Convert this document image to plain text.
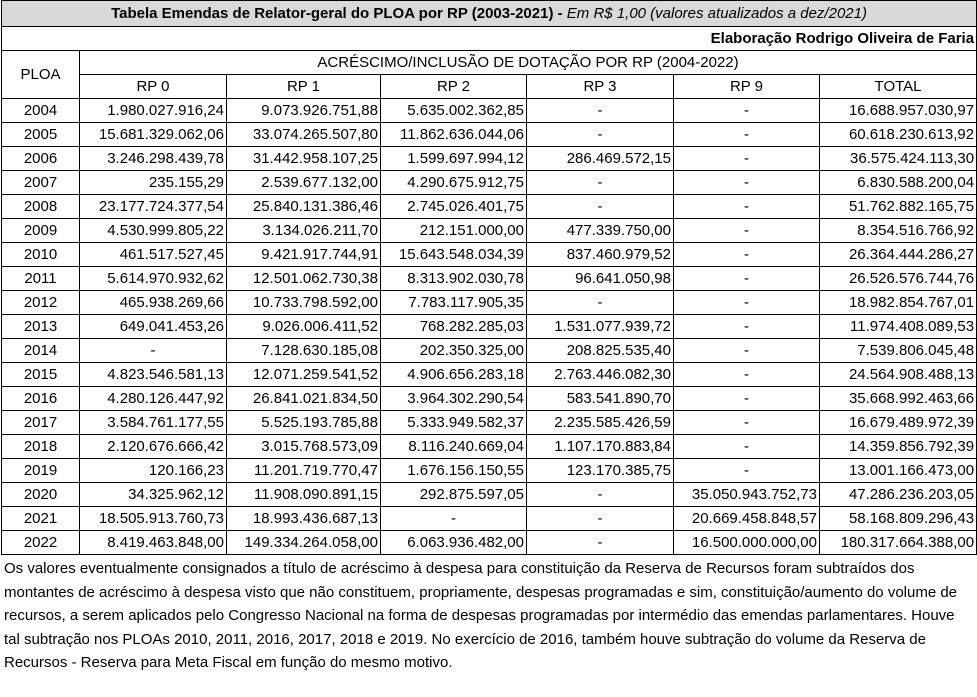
Tabela Emendas de Relator-geral do PLOA por RP (2003-2021) - Em R$ 1,00 (valores atualizados a dez/2021)						
Elaboração Rodrigo Oliveira de Faria						
PLOA	ACRÉSCIMO/INCLUSÃO DE DOTAÇÃO POR RP (2004-2022)					
	RP 0	RP 1	RP 2	RP 3	RP 9	TOTAL
2004	1.980.027.916,24	9.073.926.751,88	5.635.002.362,85	-	-	16.688.957.030,97
2005	15.681.329.062,06	33.074.265.507,80	11.862.636.044,06	-	-	60.618.230.613,92
2006	3.246.298.439,78	31.442.958.107,25	1.599.697.994,12	286.469.572,15	-	36.575.424.113,30
2007	235.155,29	2.539.677.132,00	4.290.675.912,75	-	-	6.830.588.200,04
2008	23.177.724.377,54	25.840.131.386,46	2.745.026.401,75	-	-	51.762.882.165,75
2009	4.530.999.805,22	3.134.026.211,70	212.151.000,00	477.339.750,00	-	8.354.516.766,92
2010	461.517.527,45	9.421.917.744,91	15.643.548.034,39	837.460.979,52	-	26.364.444.286,27
2011	5.614.970.932,62	12.501.062.730,38	8.313.902.030,78	96.641.050,98	-	26.526.576.744,76
2012	465.938.269,66	10.733.798.592,00	7.783.117.905,35	-	-	18.982.854.767,01
2013	649.041.453,26	9.026.006.411,52	768.282.285,03	1.531.077.939,72	-	11.974.408.089,53
2014	-	7.128.630.185,08	202.350.325,00	208.825.535,40	-	7.539.806.045,48
2015	4.823.546.581,13	12.071.259.541,52	4.906.656.283,18	2.763.446.082,30	-	24.564.908.488,13
2016	4.280.126.447,92	26.841.021.834,50	3.964.302.290,54	583.541.890,70	-	35.668.992.463,66
2017	3.584.761.177,55	5.525.193.785,88	5.333.949.582,37	2.235.585.426,59	-	16.679.489.972,39
2018	2.120.676.666,42	3.015.768.573,09	8.116.240.669,04	1.107.170.883,84	-	14.359.856.792,39
2019	120.166,23	11.201.719.770,47	1.676.156.150,55	123.170.385,75	-	13.001.166.473,00
2020	34.325.962,12	11.908.090.891,15	292.875.597,05	-	35.050.943.752,73	47.286.236.203,05
2021	18.505.913.760,73	18.993.436.687,13	-	-	20.669.458.848,57	58.168.809.296,43
2022	8.419.463.848,00	149.334.264.058,00	6.063.936.482,00	-	16.500.000.000,00	180.317.664.388,00
Os valores eventualmente consignados a título de acréscimo à despesa para constituição da Reserva de Recursos foram subtraídos dos montantes de acréscimo à despesa visto que não constituem, propriamente, despesas programadas e sim, constituição/aumento do volume de recursos, a serem aplicados pelo Congresso Nacional na forma de despesas programadas por intermédio das emendas parlamentares. Houve tal subtração nos PLOAs 2010, 2011, 2016, 2017, 2018 e 2019. No exercício de 2016, também houve subtração do volume da Reserva de Recursos - Reserva para Meta Fiscal em função do mesmo motivo.
